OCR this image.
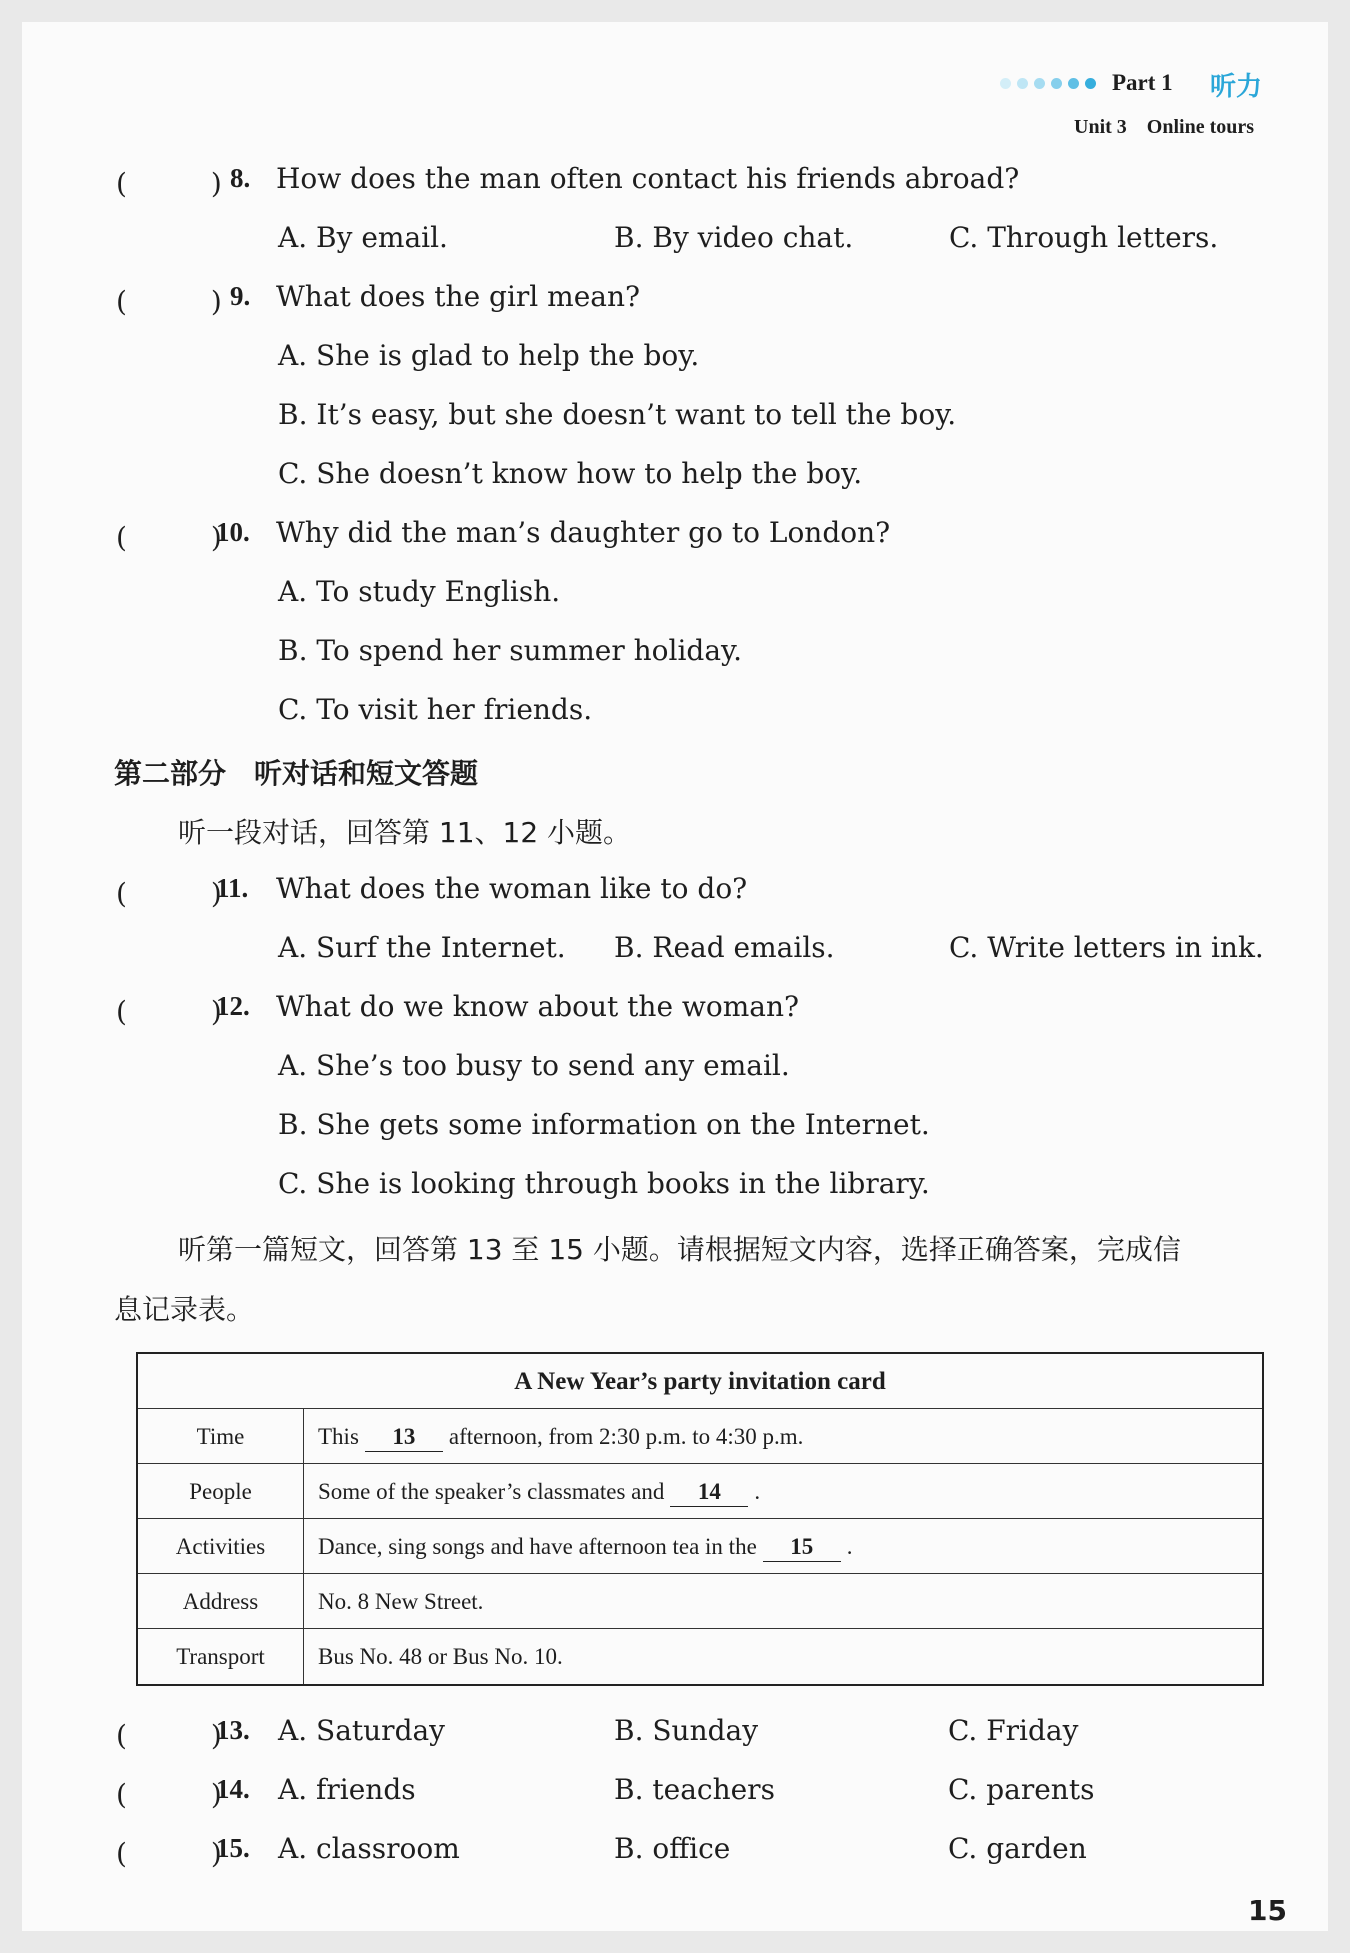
Part 1 听力
Unit 3　Online tours
(　　　) 8. How does the man often contact his friends abroad?
A. By email.	B. By video chat.	C. Through letters.
(　　　) 9. What does the girl mean?
A. She is glad to help the boy.
B. It’s easy, but she doesn’t want to tell the boy.
C. She doesn’t know how to help the boy.
(　　　)
10. Why did the man’s daughter go to London?
A. To study English.
B. To spend her summer holiday.
C. To visit her friends.
第二部分　听对话和短文答题
听一段对话，回答第 11、12 小题。
(　　　)
11. What does the woman like to do?
A. Surf the Internet. B. Read emails.	C. Write letters in ink.
(　　　)
12. What do we know about the woman?
A. She’s too busy to send any email.
B. She gets some information on the Internet.
C. She is looking through books in the library.
听第一篇短文，回答第 13 至 15 小题。请根据短文内容，选择正确答案，完成信
息记录表。
A New Year’s party invitation card
Time	This 13 afternoon, from 2:30 p.m. to 4:30 p.m.
People	Some of the speaker’s classmates and 14 .
Activities	Dance, sing songs and have afternoon tea in the 15 .
Address	No. 8 New Street.
Transport	Bus No. 48 or Bus No. 10.
(　　　)
13. A. Saturday	B. Sunday	C. Friday
(　　　)
14. A. friends	B. teachers	C. parents
(　　　)
15. A. classroom	B. office	C. garden
15
